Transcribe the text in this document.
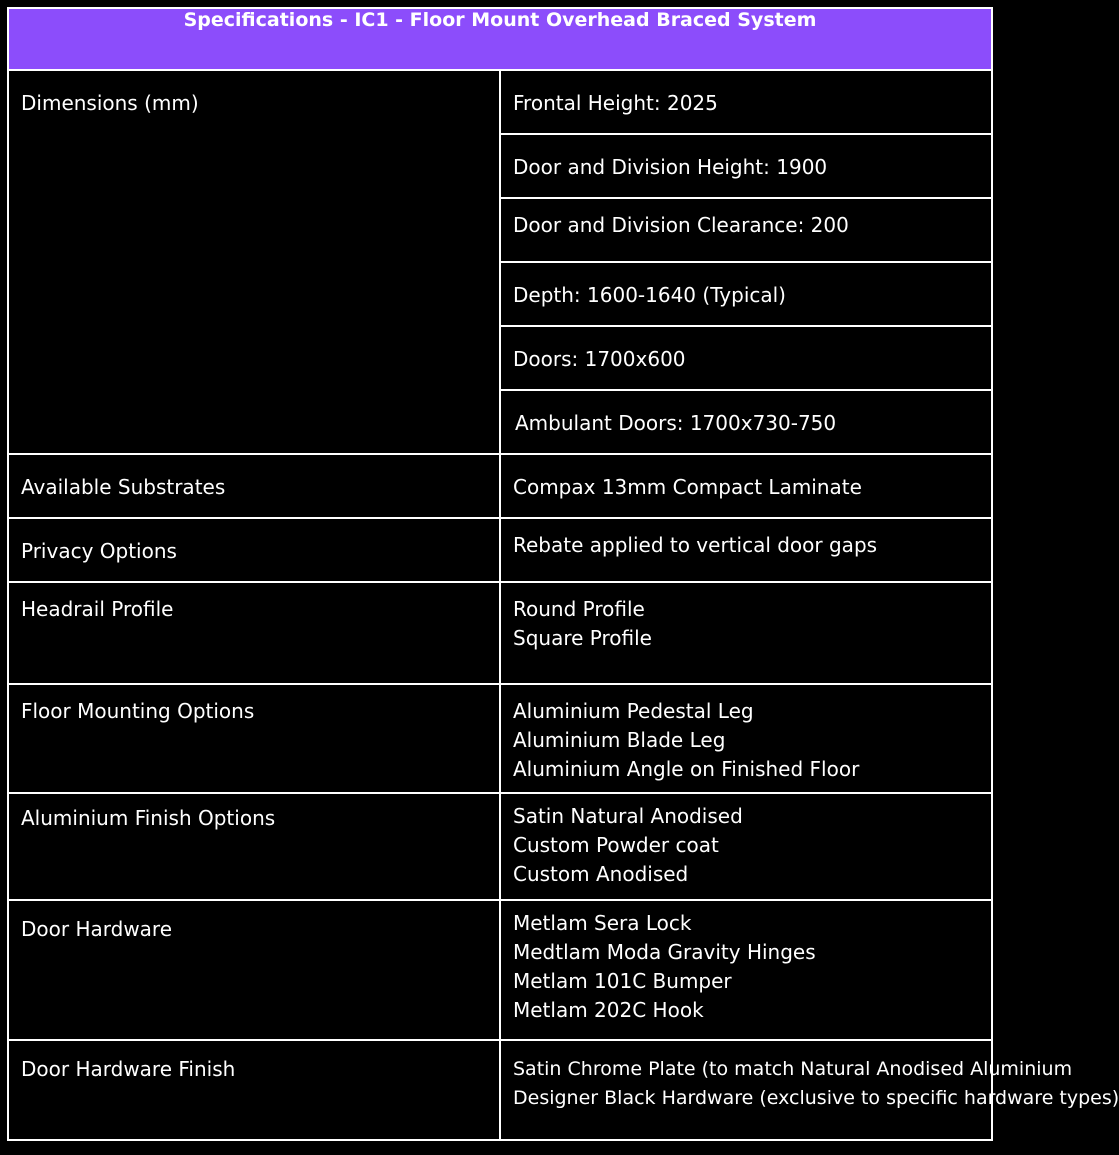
Specifications - IC1 - Floor Mount Overhead Braced System	
Dimensions (mm)	Frontal Height: 2025
	Door and Division Height: 1900
	Door and Division Clearance: 200
	Depth: 1600-1640 (Typical)
	Doors: 1700x600
	Ambulant Doors: 1700x730-750
Available Substrates	Compax 13mm Compact Laminate

Privacy Options	Rebate applied to vertical door gaps

Headrail Profile	Round Profile
Square Profile

Floor Mounting Options	Aluminium Pedestal Leg
Aluminium Blade Leg
Aluminium Angle on Finished Floor

Aluminium Finish Options	Satin Natural Anodised
Custom Powder coat
Custom Anodised

Door Hardware	Metlam Sera Lock
Medtlam Moda Gravity Hinges
Metlam 101C Bumper
Metlam 202C Hook

Door Hardware Finish	Satin Chrome Plate (to match Natural Anodised Aluminium
Designer Black Hardware (exclusive to specific hardware types)
